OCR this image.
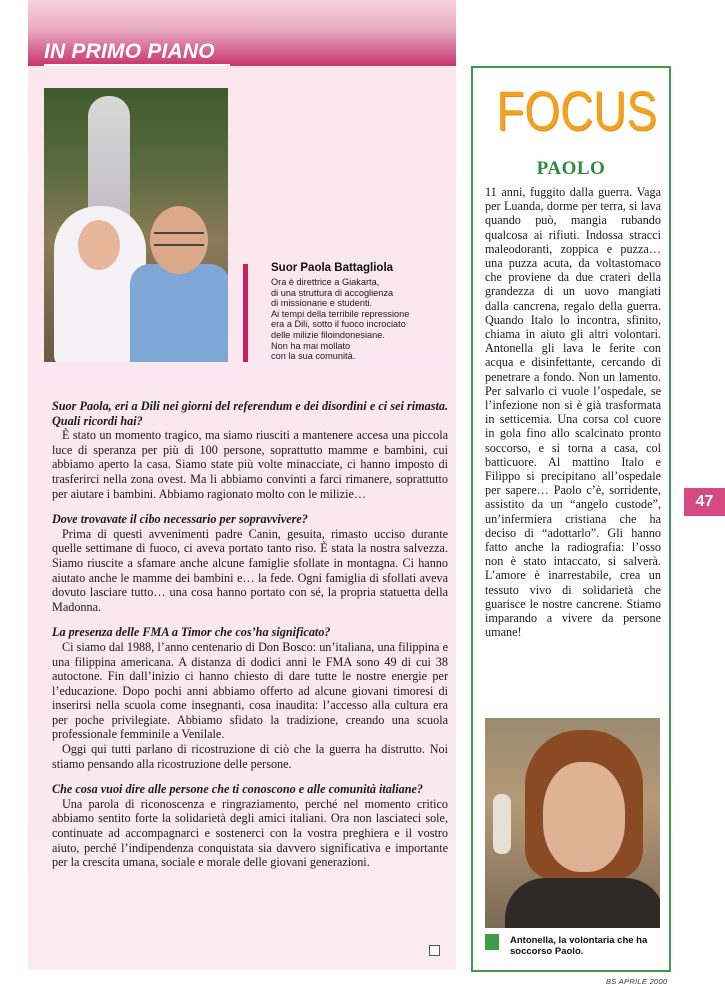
IN PRIMO PIANO
Suor Paola Battagliola
Ora è direttrice a Giakarta,
di una struttura di accoglienza
di missionarie e studenti.
Ai tempi della terribile repressione
era a Dili, sotto il fuoco incrociato
delle milizie filoindonesiane.
Non ha mai mollato
con la sua comunità.

Suor Paola, eri a Dili nei giorni del referendum e dei disordini e ci sei rimasta. Quali ricordi hai?

È stato un momento tragico, ma siamo riusciti a mantenere accesa una piccola luce di speranza per più di 100 persone, soprattutto mamme e bambini, cui abbiamo aperto la casa. Siamo state più volte minacciate, ci hanno imposto di trasferirci nella zona ovest. Ma li abbiamo convinti a farci rimanere, soprattutto per aiutare i bambini. Abbiamo ragionato molto con le milizie…

Dove trovavate il cibo necessario per sopravvivere?

Prima di questi avvenimenti padre Canin, gesuita, rimasto ucciso durante quelle settimane di fuoco, ci aveva portato tanto riso. È stata la nostra salvezza. Siamo riuscite a sfamare anche alcune famiglie sfollate in montagna. Ci hanno aiutato anche le mamme dei bambini e… la fede. Ogni famiglia di sfollati aveva dovuto lasciare tutto… una cosa hanno portato con sé, la propria statuetta della Madonna.

La presenza delle FMA a Timor che cos’ha significato?

Ci siamo dal 1988, l’anno centenario di Don Bosco: un’italiana, una filippina e una filippina americana. A distanza di dodici anni le FMA sono 49 di cui 38 autoctone. Fin dall’inizio ci hanno chiesto di dare tutte le nostre energie per l’educazione. Dopo pochi anni abbiamo offerto ad alcune giovani timoresi di inserirsi nella scuola come insegnanti, cosa inaudita: l’accesso alla cultura era per poche privilegiate. Abbiamo sfidato la tradizione, creando una scuola professionale femminile a Venilale.

Oggi qui tutti parlano di ricostruzione di ciò che la guerra ha distrutto. Noi stiamo pensando alla ricostruzione delle persone.

Che cosa vuoi dire alle persone che ti conoscono e alle comunità italiane?

Una parola di riconoscenza e ringraziamento, perché nel momento critico abbiamo sentito forte la solidarietà degli amici italiani. Ora non lasciateci sole, continuate ad accompagnarci e sostenerci con la vostra preghiera e il vostro aiuto, perché l’indipendenza conquistata sia davvero significativa e importante per la crescita umana, sociale e morale delle giovani generazioni.

FOCUS
PAOLO
11 anni, fuggito dalla guerra. Vaga per Luanda, dorme per terra, si lava quando può, mangia rubando qualcosa ai rifiuti. Indossa stracci maleodoranti, zoppica e puzza… una puzza acuta, da voltastomaco che proviene da due crateri della grandezza di un uovo mangiati dalla cancrena, regalo della guerra. Quando Italo lo incontra, sfinito, chiama in aiuto gli altri volontari. Antonella gli lava le ferite con acqua e disinfettante, cercando di penetrare a fondo. Non un lamento. Per salvarlo ci vuole l’ospedale, se l’infezione non si è già trasformata in setticemia. Una corsa col cuore in gola fino allo scalcinato pronto soccorso, e si torna a casa, col batticuore. Al mattino Italo e Filippo si precipitano all’ospedale per sapere… Paolo c’è, sorridente, assistito da un “angelo custode”, un’infermiera cristiana che ha deciso di “adottarlo”. Gli hanno fatto anche la radiografia: l’osso non è stato intaccato, si salverà. L’amore è inarrestabile, crea un tessuto vivo di solidarietà che guarisce le nostre cancrene. Stiamo imparando a vivere da persone umane!
Antonella, la volontaria che ha soccorso Paolo.
47
BS APRILE 2000
